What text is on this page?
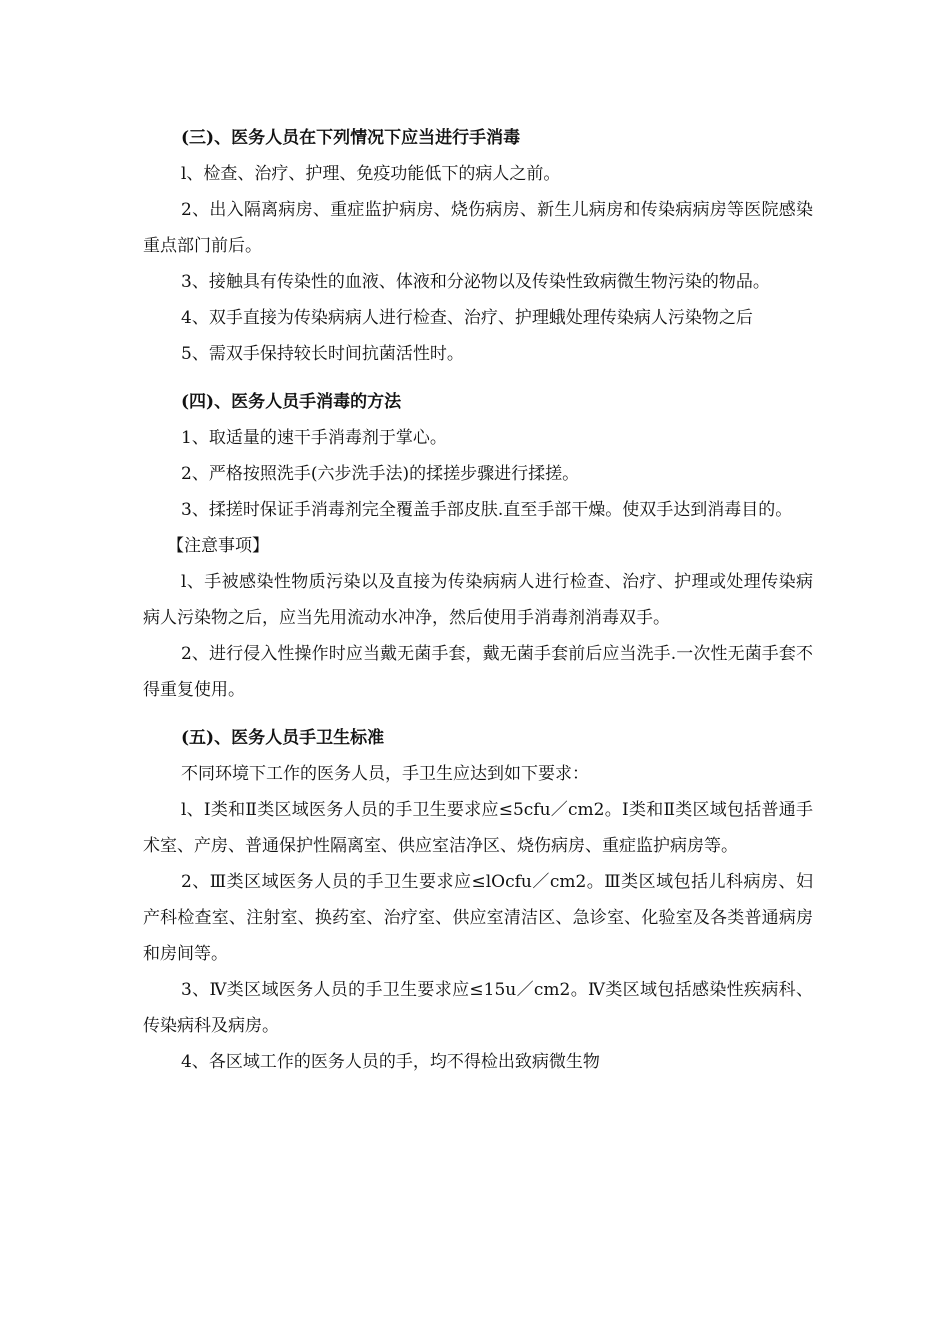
(三)、医务人员在下列情况下应当进行手消毒

l、检查、治疗、护理、免疫功能低下的病人之前。

2、出入隔离病房、重症监护病房、烧伤病房、新生儿病房和传染病病房等医院感染重点部门前后。

3、接触具有传染性的血液、体液和分泌物以及传染性致病微生物污染的物品。

4、双手直接为传染病病人进行检查、治疗、护理蛾处理传染病人污染物之后

5、需双手保持较长时间抗菌活性时。

(四)、医务人员手消毒的方法

1、取适量的速干手消毒剂于掌心。

2、严格按照洗手(六步洗手法)的揉搓步骤进行揉搓。

3、揉搓时保证手消毒剂完全覆盖手部皮肤.直至手部干燥。使双手达到消毒目的。

【注意事项】

l、手被感染性物质污染以及直接为传染病病人进行检查、治疗、护理或处理传染病病人污染物之后，应当先用流动水冲净，然后使用手消毒剂消毒双手。

2、进行侵入性操作时应当戴无菌手套，戴无菌手套前后应当洗手.一次性无菌手套不得重复使用。

(五)、医务人员手卫生标准

不同环境下工作的医务人员，手卫生应达到如下要求：

l、Ⅰ类和Ⅱ类区域医务人员的手卫生要求应≤5cfu／cm2。Ⅰ类和Ⅱ类区域包括普通手术室、产房、普通保护性隔离室、供应室洁净区、烧伤病房、重症监护病房等。

2、Ⅲ类区域医务人员的手卫生要求应≤lOcfu／cm2。Ⅲ类区域包括儿科病房、妇产科检查室、注射室、换药室、治疗室、供应室清洁区、急诊室、化验室及各类普通病房和房间等。

3、Ⅳ类区域医务人员的手卫生要求应≤15u／cm2。Ⅳ类区域包括感染性疾病科、传染病科及病房。

4、各区域工作的医务人员的手，均不得检出致病微生物
